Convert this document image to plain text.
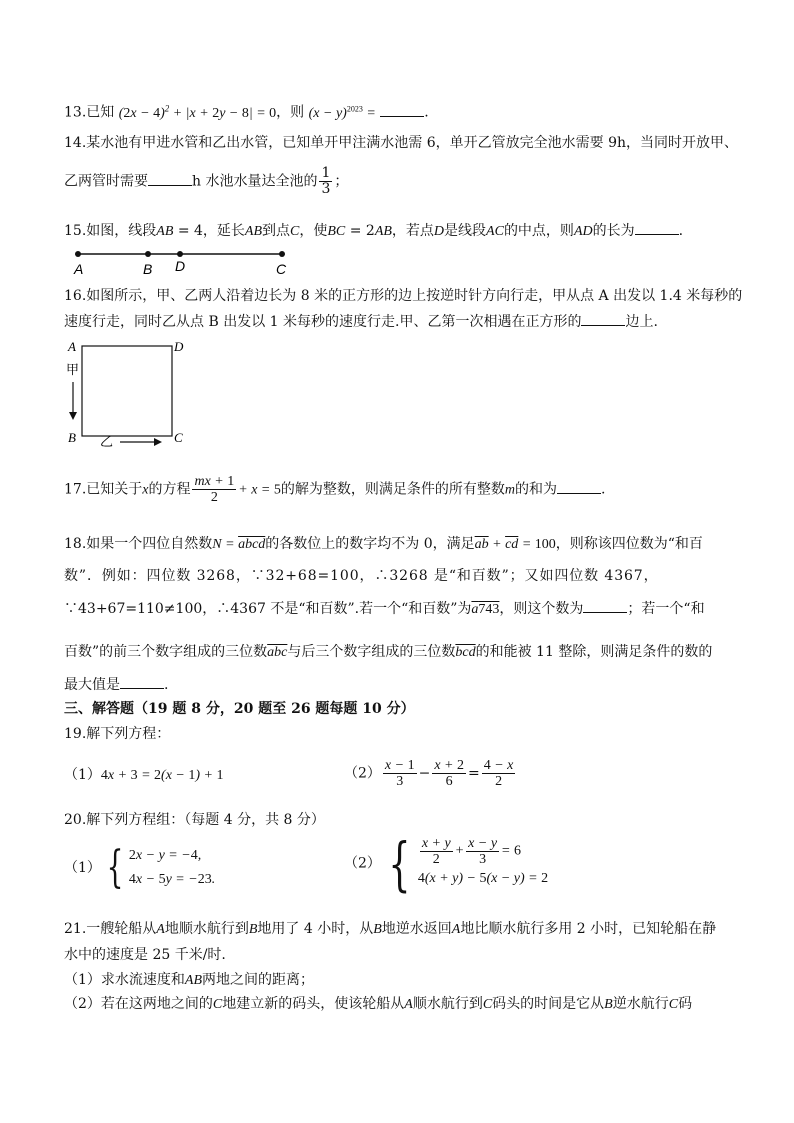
13.已知 $(2x - 4)^2 + |x + 2y - 8| = 0$，则 $(x - y)^{2023}$ =	.
14.某水池有甲进水管和乙出水管，已知单开甲注满水池需 6，单开乙管放完全池水需要 9h，当同时开放甲、
乙两管时需要	h 水池水量达全池的 $\frac{1}{3}$ ；
15.如图，线段AB = 4，延长AB到点C，使BC = 2AB，若点D是线段AC的中点，则AD的长为	.
A	B D	C
16.如图所示，甲、乙两人沿着边长为 8 米的正方形的边上按逆时针方向行走，甲从点 A 出发以 1.4 米每秒的
速度行走，同时乙从点 B 出发以 1 米每秒的速度行走.甲、乙第一次相遇在正方形的	边上.
A	D
B	C
甲
乙
17.已知关于x的方程 $\frac{mx + 1}{2} + x = 5$的解为整数，则满足条件的所有整数m的和为	.
18.如果一个四位自然数N = abcd的各数位上的数字均不为 0，满足$\overline{ab} + \overline{cd} = 100$，则称该四位数为“和百
数”．例如：四位数 3268，∵32+68=100，∴3268 是“和百数”；又如四位数 4367，
∵43+67=110≠100，∴4367 不是“和百数”.若一个“和百数”为a743，则这个数为	；若一个“和
百数”的前三个数字组成的三位数$\overline{abc}$与后三个数字组成的三位数$\overline{bcd}$的和能被 11 整除，则满足条件的数的
最大值是	.
三、解答题（19 题 8 分，20 题至 26 题每题 10 分）
19.解下列方程：
（1）4x + 3 = 2(x − 1) + 1	$(2) \frac{x - 1}{3} - \frac{x + 2}{6} = \frac{4 - x}{2}$
20.解下列方程组：（每题 4 分，共 8 分）
（1） { 2x − y = −4,
4x − 5y = −23.
（2） { $\frac{x + y}{2} + \frac{x - y}{3} = 6$
4(x + y) − 5(x − y) = 2
21.一艘轮船从A地顺水航行到B地用了 4 小时，从B地逆水返回A地比顺水航行多用 2 小时，已知轮船在静
水中的速度是 25 千米/时.
（1）求水流速度和AB两地之间的距离；
（2）若在这两地之间的C地建立新的码头，使该轮船从A顺水航行到C码头的时间是它从B逆水航行C码
